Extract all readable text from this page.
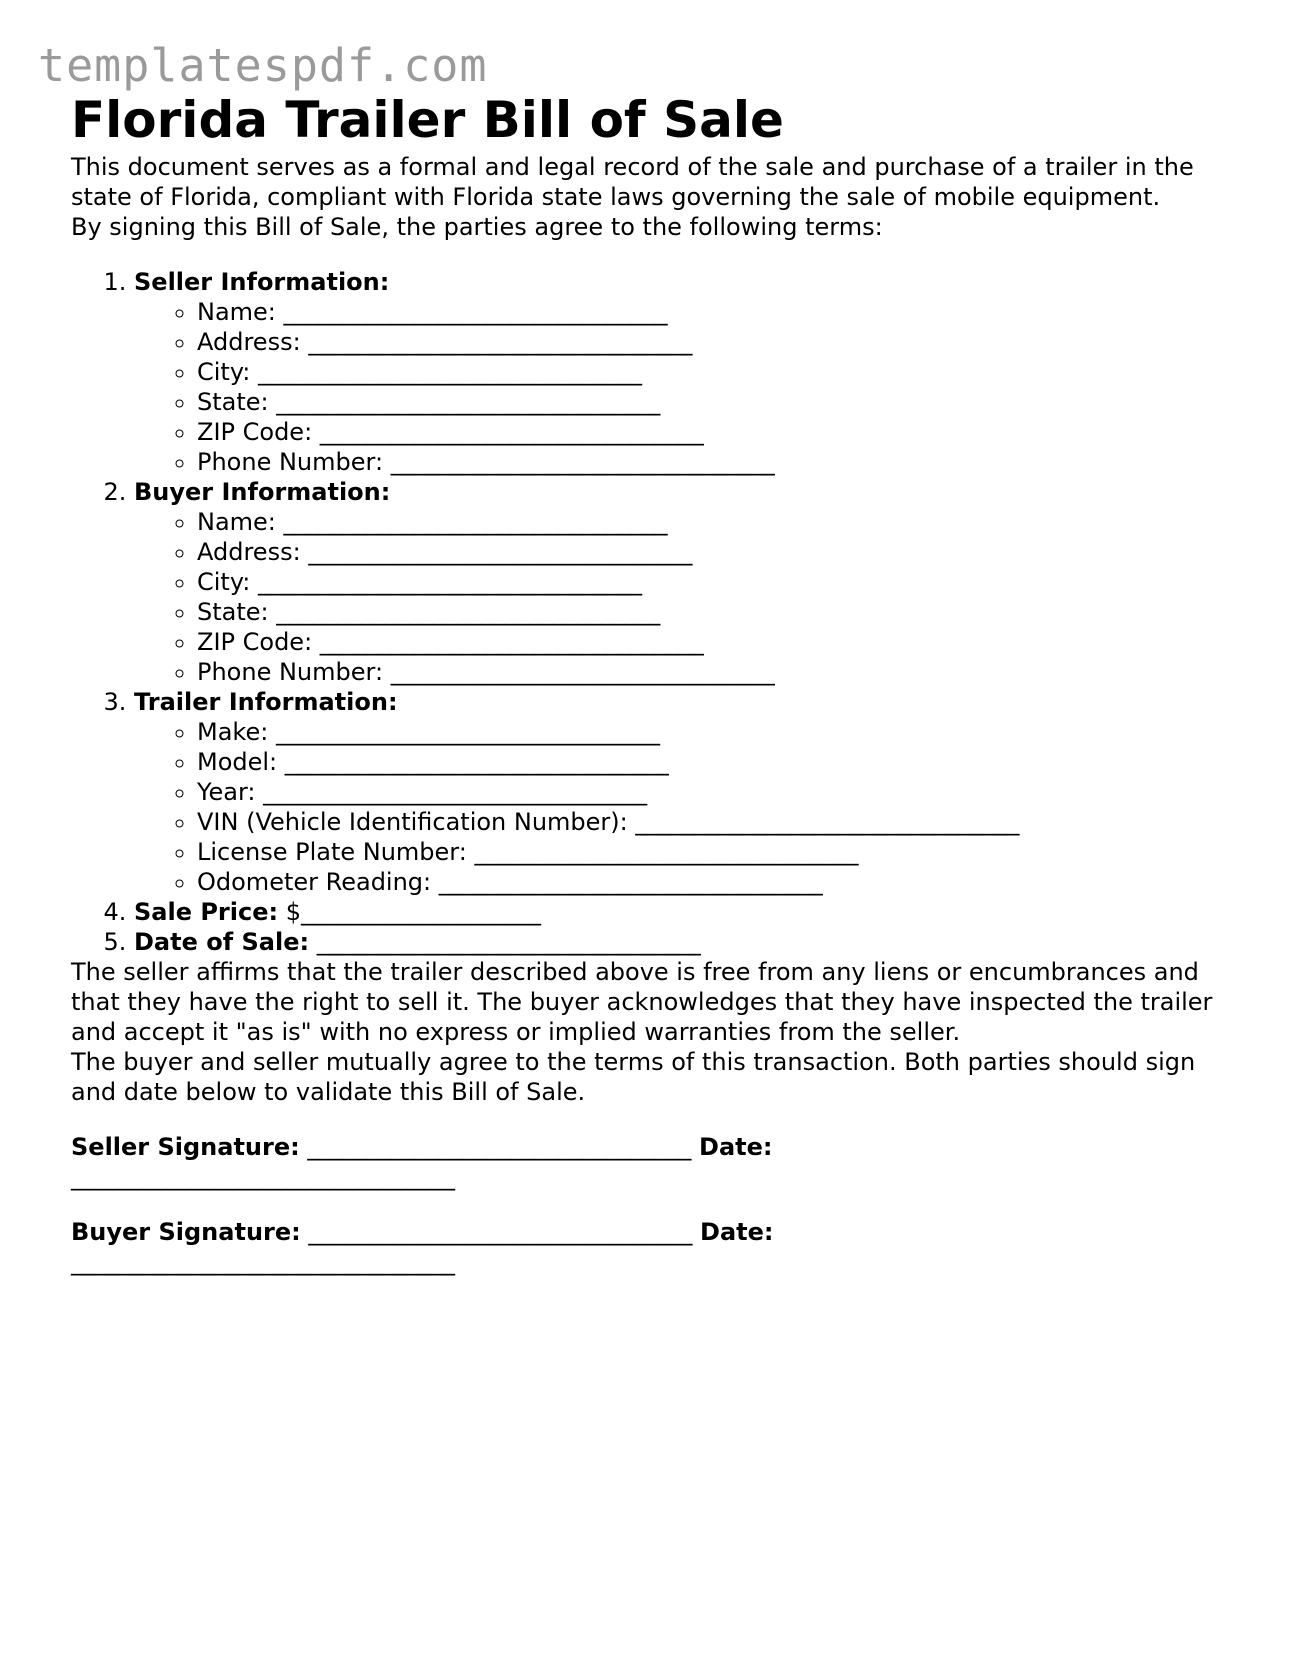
templatespdf.com
Florida Trailer Bill of Sale

This document serves as a formal and legal record of the sale and purchase of a trailer in the state of Florida, compliant with Florida state laws governing the sale of mobile equipment.

By signing this Bill of Sale, the parties agree to the following terms:

1. Seller Information:
◦ Name: ________________________________
◦ Address: ________________________________
◦ City: ________________________________
◦ State: ________________________________
◦ ZIP Code: ________________________________
◦ Phone Number: ________________________________
2. Buyer Information:
◦ Name: ________________________________
◦ Address: ________________________________
◦ City: ________________________________
◦ State: ________________________________
◦ ZIP Code: ________________________________
◦ Phone Number: ________________________________
3. Trailer Information:
◦ Make: ________________________________
◦ Model: ________________________________
◦ Year: ________________________________
◦ VIN (Vehicle Identification Number): ________________________________
◦ License Plate Number: ________________________________
◦ Odometer Reading: ________________________________
4. Sale Price: $____________________
5. Date of Sale: ________________________________

The seller affirms that the trailer described above is free from any liens or encumbrances and that they have the right to sell it. The buyer acknowledges that they have inspected the trailer and accept it "as is" with no express or implied warranties from the seller.

The buyer and seller mutually agree to the terms of this transaction. Both parties should sign and date below to validate this Bill of Sale.

Seller Signature: ________________________________ Date: ________________________________

Buyer Signature: ________________________________ Date: ________________________________
